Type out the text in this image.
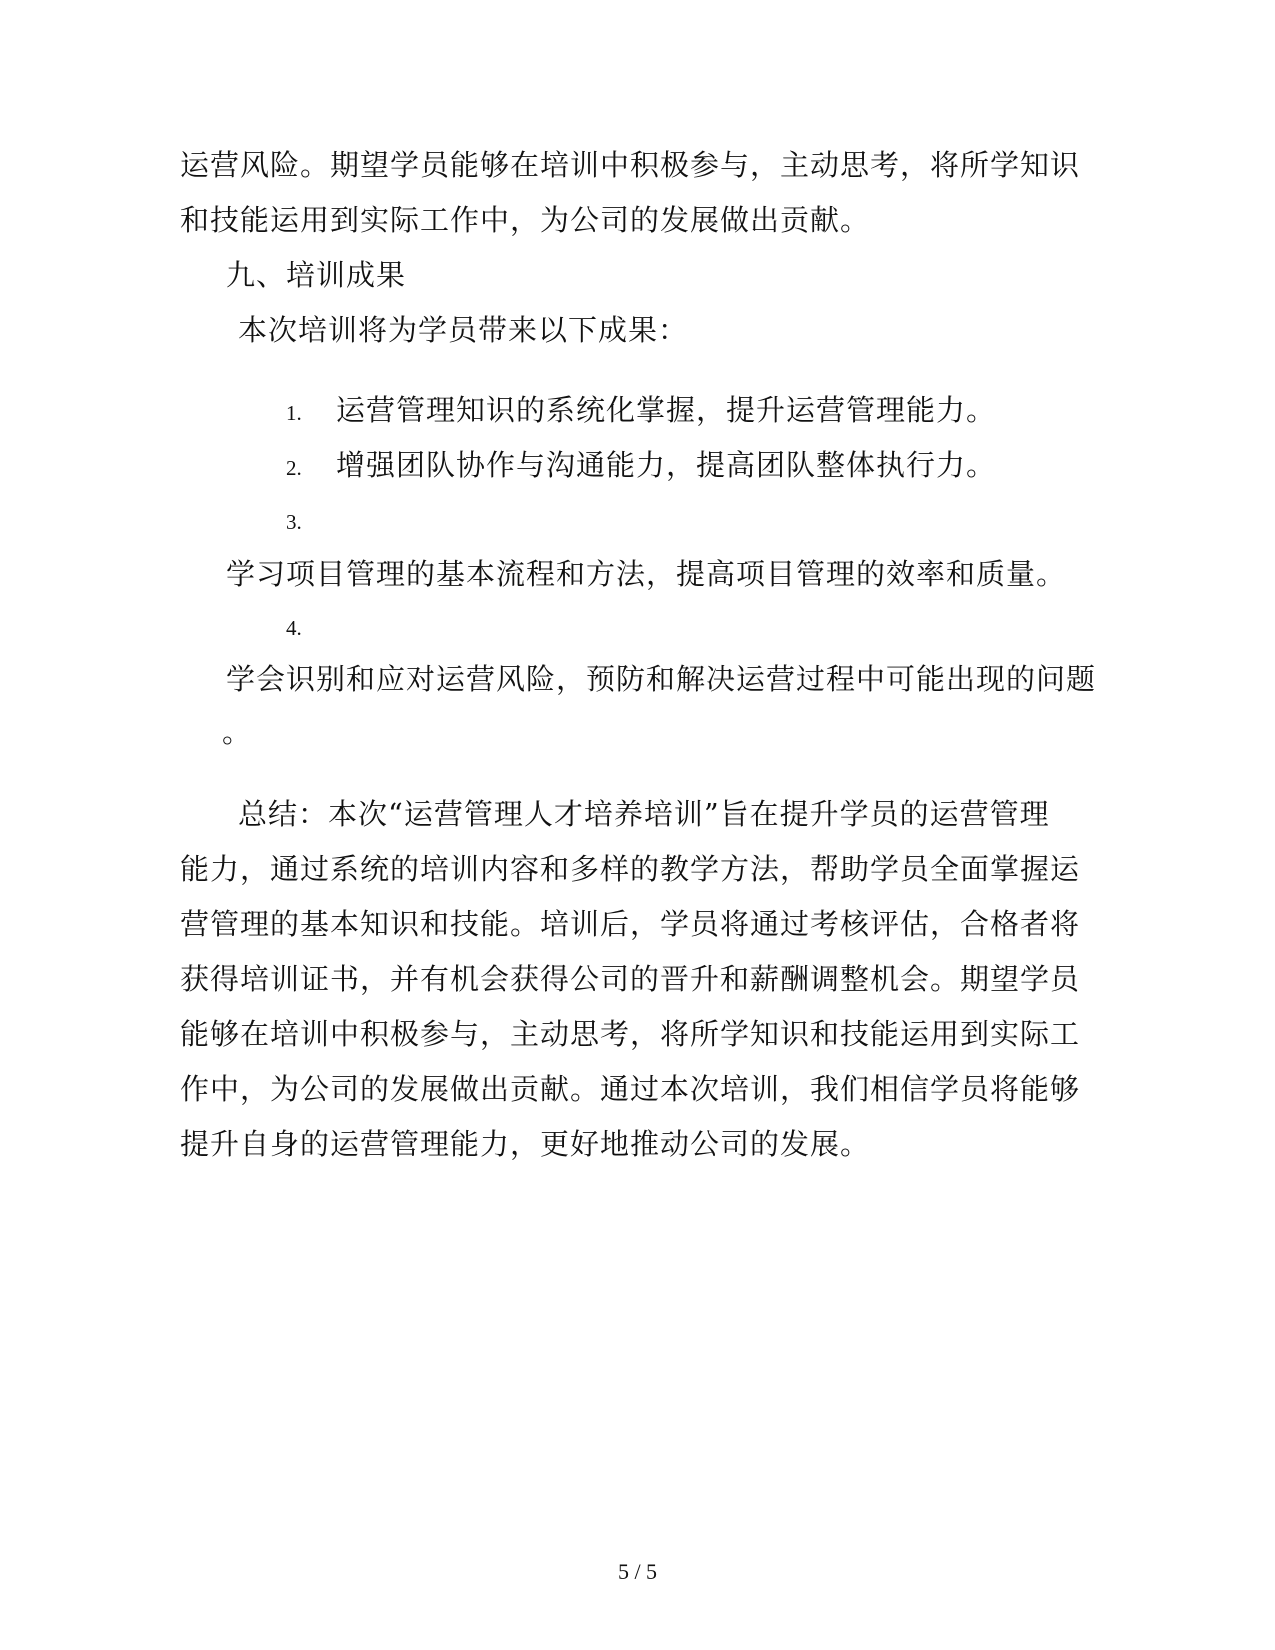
运营风险。期望学员能够在培训中积极参与，主动思考，将所学知识
和技能运用到实际工作中，为公司的发展做出贡献。
九、培训成果
本次培训将为学员带来以下成果：
1. 运营管理知识的系统化掌握，提升运营管理能力。
2. 增强团队协作与沟通能力，提高团队整体执行力。
3.
学习项目管理的基本流程和方法，提高项目管理的效率和质量。
4.
学会识别和应对运营风险，预防和解决运营过程中可能出现的问题
。
总结：本次“运营管理人才培养培训”旨在提升学员的运营管理
能力，通过系统的培训内容和多样的教学方法，帮助学员全面掌握运
营管理的基本知识和技能。培训后，学员将通过考核评估，合格者将
获得培训证书，并有机会获得公司的晋升和薪酬调整机会。期望学员
能够在培训中积极参与，主动思考，将所学知识和技能运用到实际工
作中，为公司的发展做出贡献。通过本次培训，我们相信学员将能够
提升自身的运营管理能力，更好地推动公司的发展。
5 / 5
